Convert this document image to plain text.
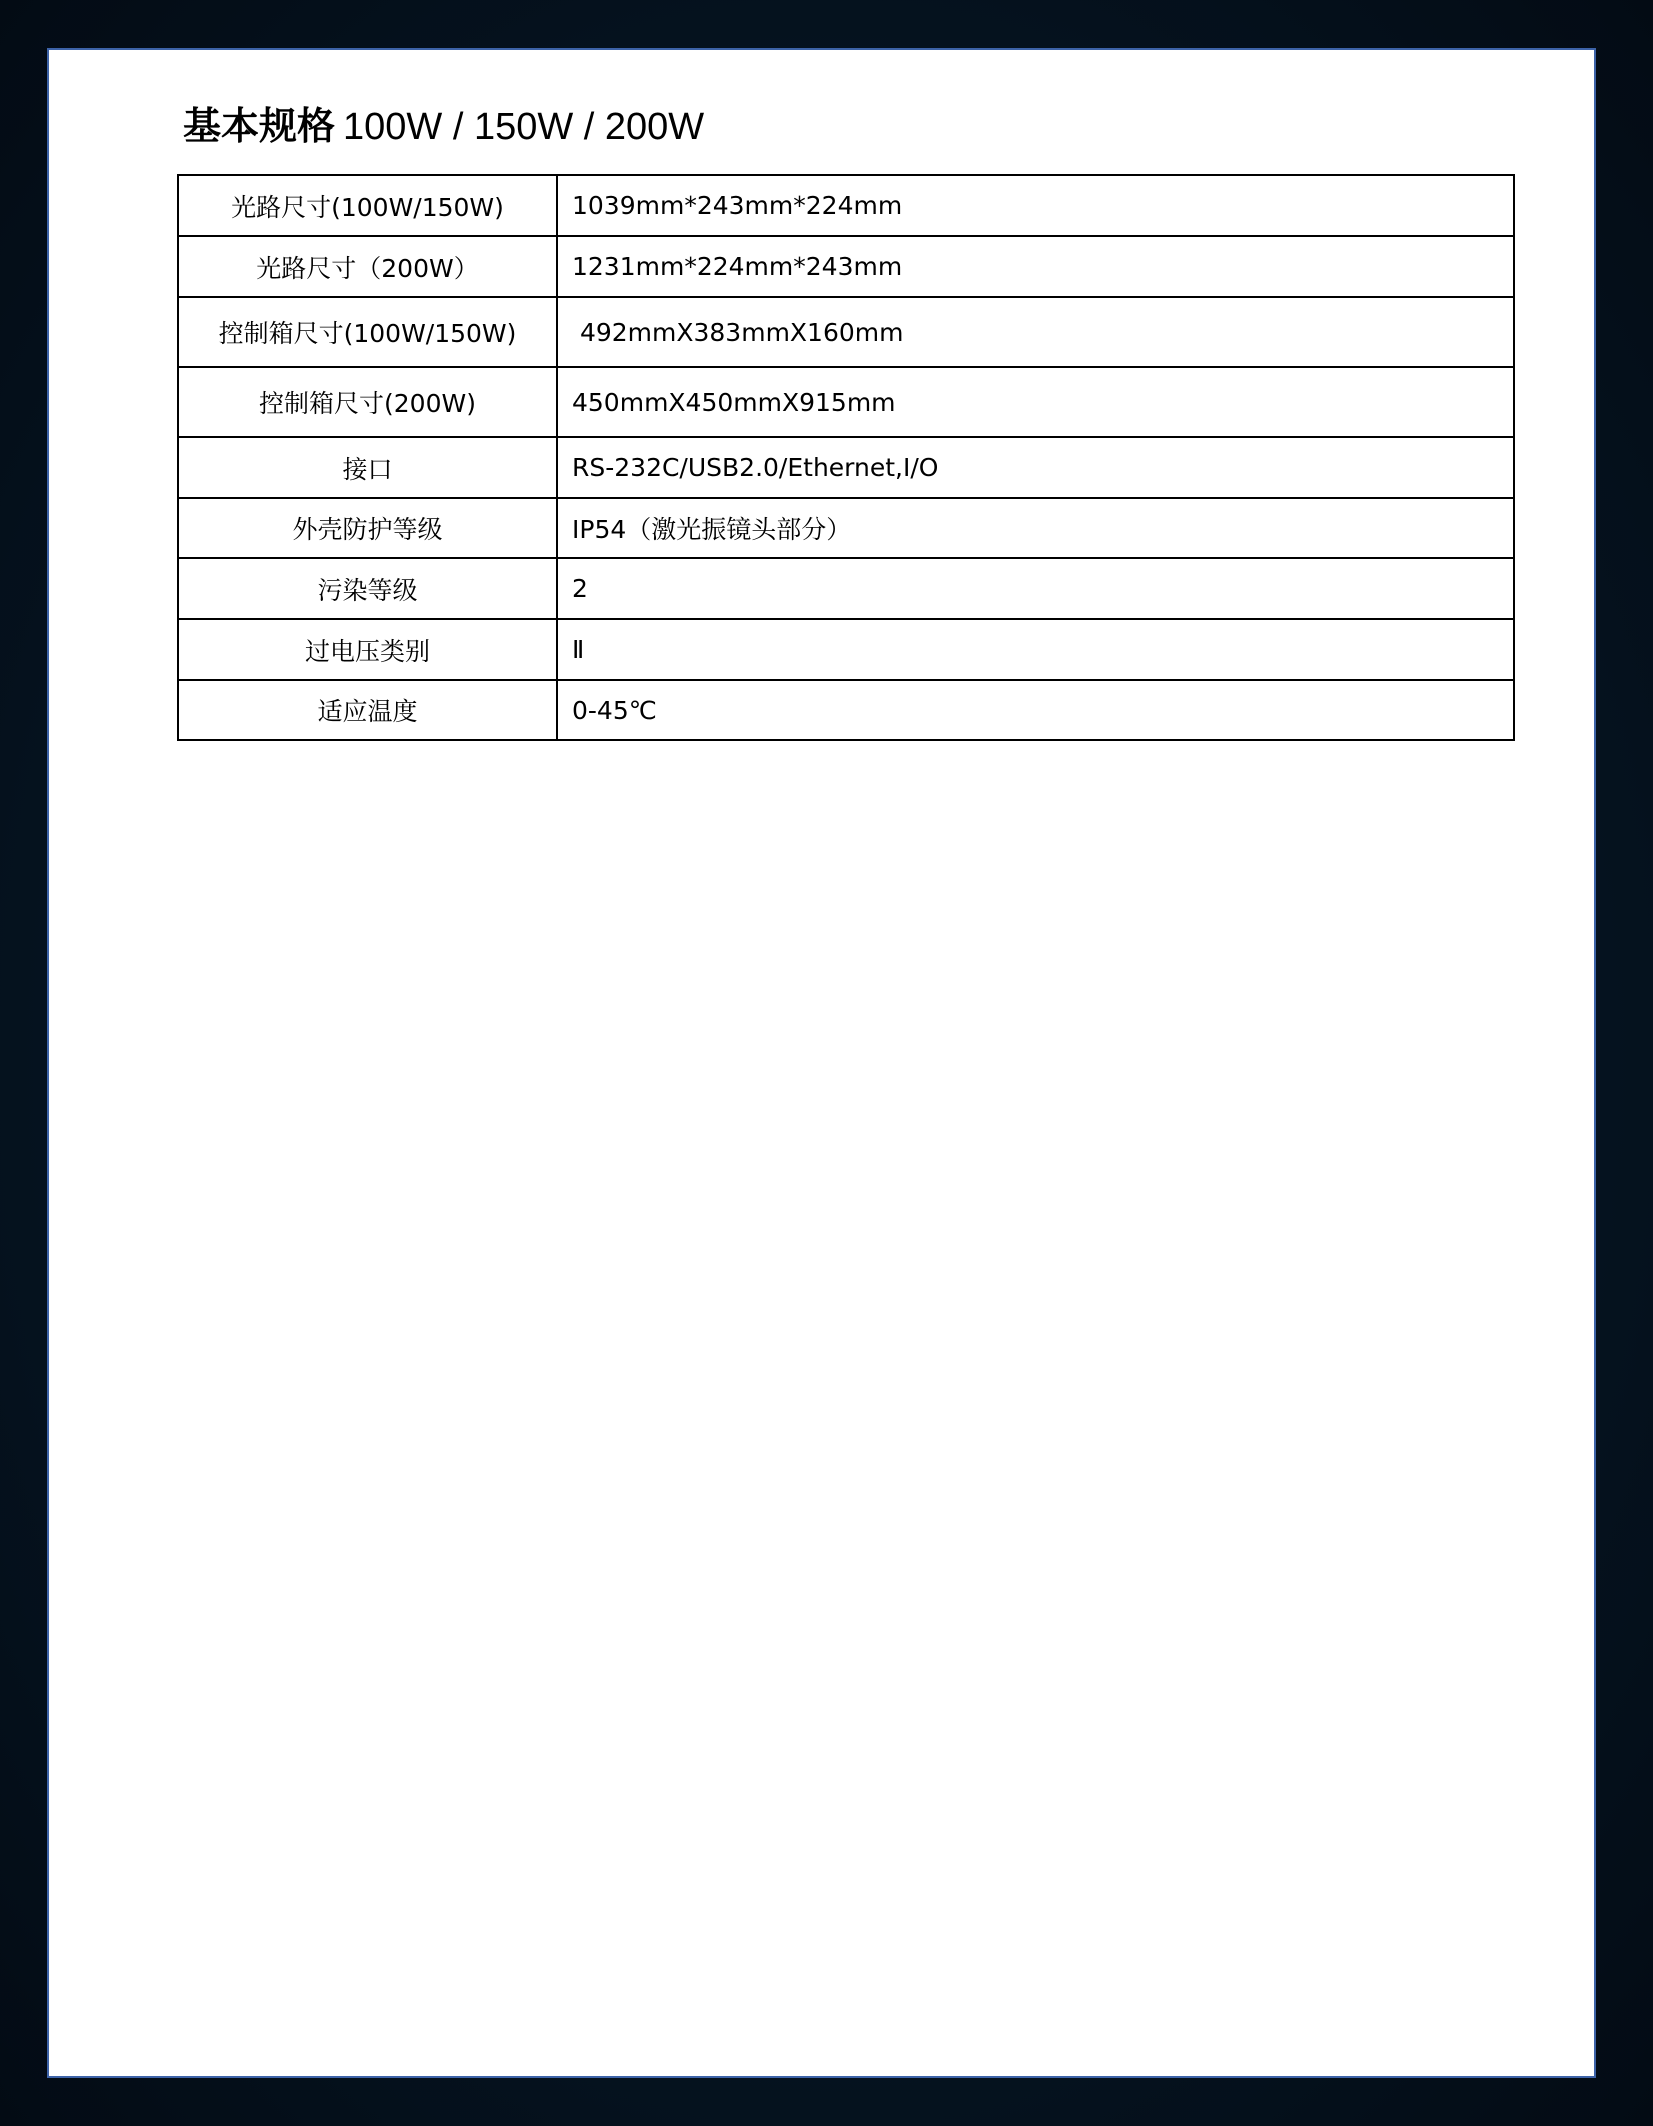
基本规格 100W / 150W / 200W
光路尺寸(100W/150W)	1039mm*243mm*224mm
光路尺寸（200W）	1231mm*224mm*243mm
控制箱尺寸(100W/150W)	492mmX383mmX160mm
控制箱尺寸(200W)	450mmX450mmX915mm
接口	RS-232C/USB2.0/Ethernet,I/O
外壳防护等级	IP54（激光振镜头部分）
污染等级	2
过电压类别	Ⅱ
适应温度	0-45℃
